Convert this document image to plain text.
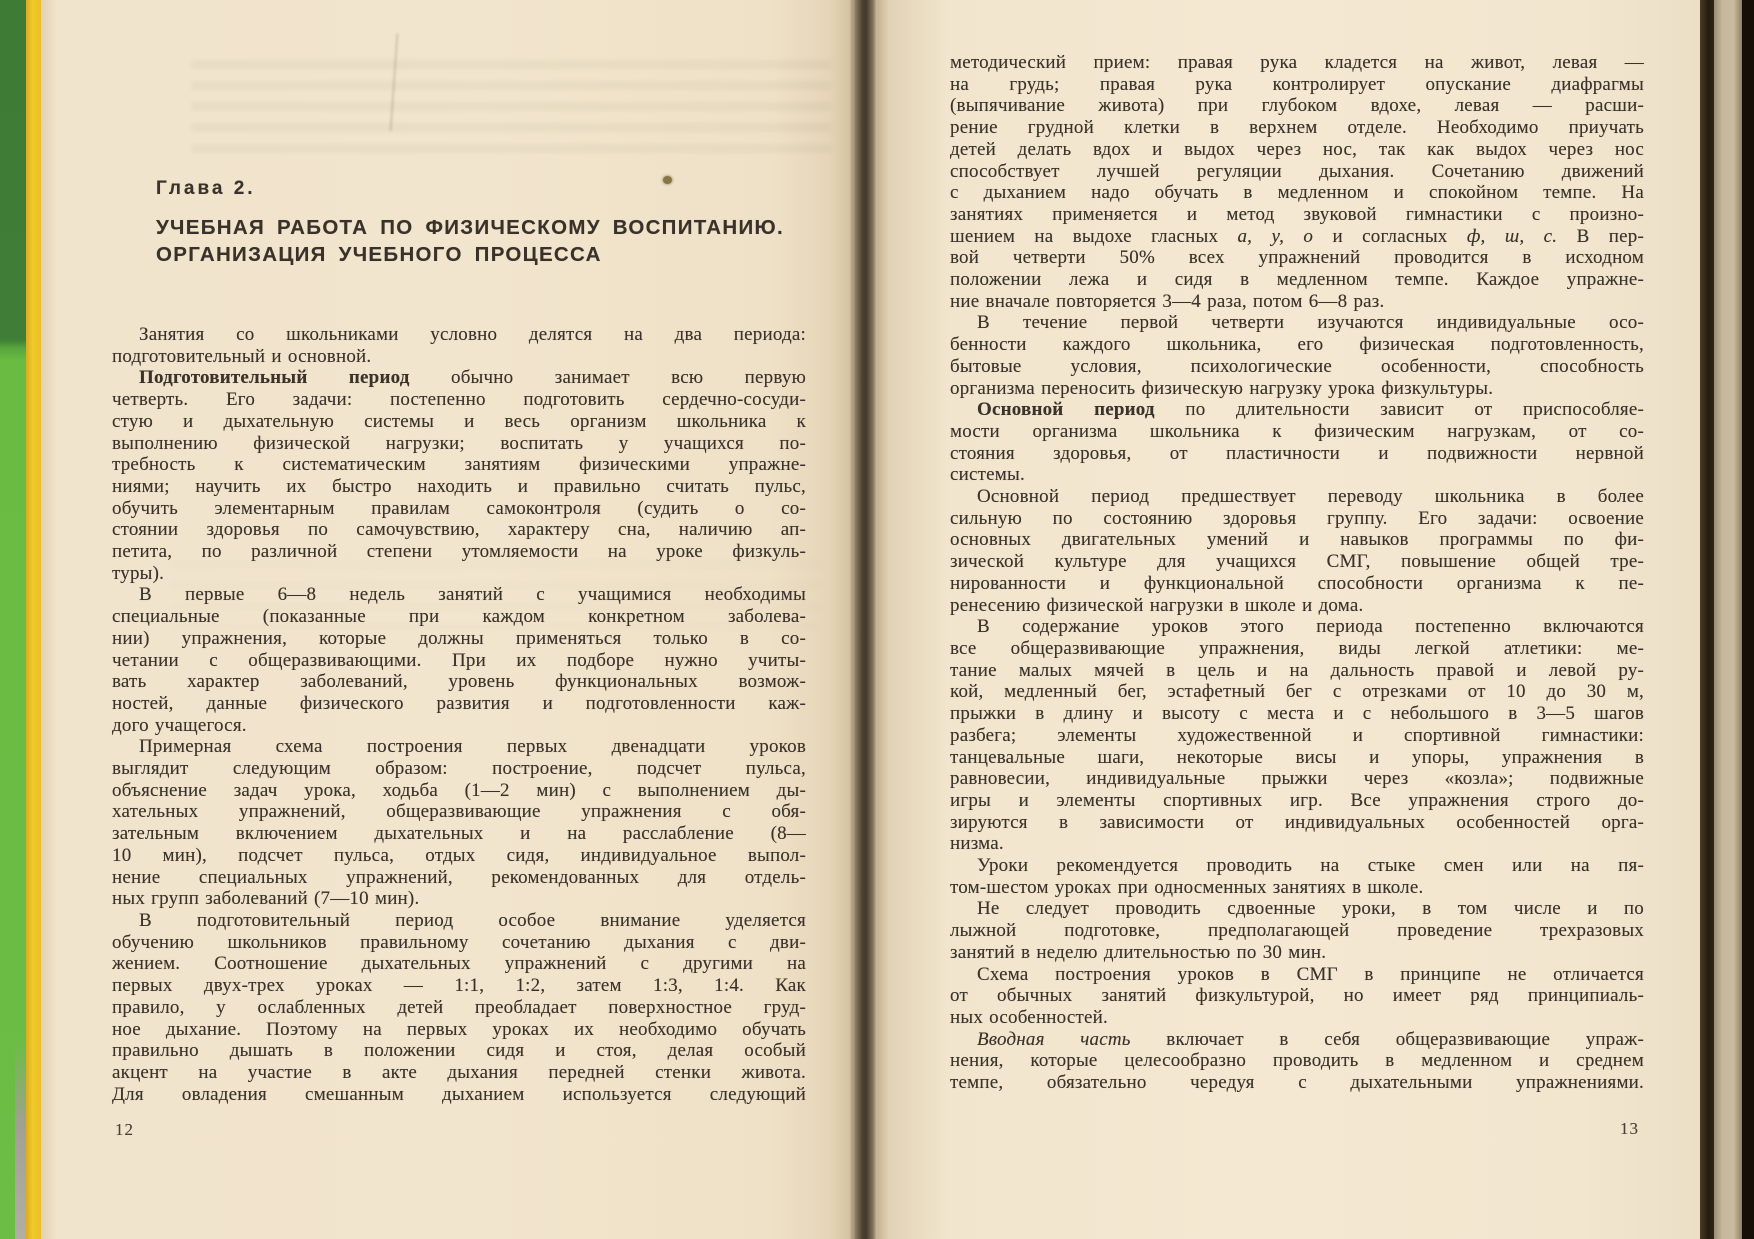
Глава 2.
УЧЕБНАЯ РАБОТА ПО ФИЗИЧЕСКОМУ ВОСПИТАНИЮ.
ОРГАНИЗАЦИЯ УЧЕБНОГО ПРОЦЕССА
Занятия со школьниками условно делятся на два периода:
подготовительный и основной.
Подготовительный период обычно занимает всю первую
четверть. Его задачи: постепенно подготовить сердечно-сосуди-
стую и дыхательную системы и весь организм школьника к
выполнению физической нагрузки; воспитать у учащихся по-
требность к систематическим занятиям физическими упражне-
ниями; научить их быстро находить и правильно считать пульс,
обучить элементарным правилам самоконтроля (судить о со-
стоянии здоровья по самочувствию, характеру сна, наличию ап-
петита, по различной степени утомляемости на уроке физкуль-
туры).
В первые 6—8 недель занятий с учащимися необходимы
специальные (показанные при каждом конкретном заболева-
нии) упражнения, которые должны применяться только в со-
четании с общеразвивающими. При их подборе нужно учиты-
вать характер заболеваний, уровень функциональных возмож-
ностей, данные физического развития и подготовленности каж-
дого учащегося.
Примерная схема построения первых двенадцати уроков
выглядит следующим образом: построение, подсчет пульса,
объяснение задач урока, ходьба (1—2 мин) с выполнением ды-
хательных упражнений, общеразвивающие упражнения с обя-
зательным включением дыхательных и на расслабление (8—
10 мин), подсчет пульса, отдых сидя, индивидуальное выпол-
нение специальных упражнений, рекомендованных для отдель-
ных групп заболеваний (7—10 мин).
В подготовительный период особое внимание уделяется
обучению школьников правильному сочетанию дыхания с дви-
жением. Соотношение дыхательных упражнений с другими на
первых двух-трех уроках — 1:1, 1:2, затем 1:3, 1:4. Как
правило, у ослабленных детей преобладает поверхностное груд-
ное дыхание. Поэтому на первых уроках их необходимо обучать
правильно дышать в положении сидя и стоя, делая особый
акцент на участие в акте дыхания передней стенки живота.
Для овладения смешанным дыханием используется следующий
12
методический прием: правая рука кладется на живот, левая —
на грудь; правая рука контролирует опускание диафрагмы
(выпячивание живота) при глубоком вдохе, левая — расши-
рение грудной клетки в верхнем отделе. Необходимо приучать
детей делать вдох и выдох через нос, так как выдох через нос
способствует лучшей регуляции дыхания. Сочетанию движений
с дыханием надо обучать в медленном и спокойном темпе. На
занятиях применяется и метод звуковой гимнастики с произно-
шением на выдохе гласных а, у, о и согласных ф, ш, с. В пер-
вой четверти 50% всех упражнений проводится в исходном
положении лежа и сидя в медленном темпе. Каждое упражне-
ние вначале повторяется 3—4 раза, потом 6—8 раз.
В течение первой четверти изучаются индивидуальные осо-
бенности каждого школьника, его физическая подготовленность,
бытовые условия, психологические особенности, способность
организма переносить физическую нагрузку урока физкультуры.
Основной период по длительности зависит от приспособляе-
мости организма школьника к физическим нагрузкам, от со-
стояния здоровья, от пластичности и подвижности нервной
системы.
Основной период предшествует переводу школьника в более
сильную по состоянию здоровья группу. Его задачи: освоение
основных двигательных умений и навыков программы по фи-
зической культуре для учащихся СМГ, повышение общей тре-
нированности и функциональной способности организма к пе-
ренесению физической нагрузки в школе и дома.
В содержание уроков этого периода постепенно включаются
все общеразвивающие упражнения, виды легкой атлетики: ме-
тание малых мячей в цель и на дальность правой и левой ру-
кой, медленный бег, эстафетный бег с отрезками от 10 до 30 м,
прыжки в длину и высоту с места и с небольшого в 3—5 шагов
разбега; элементы художественной и спортивной гимнастики:
танцевальные шаги, некоторые висы и упоры, упражнения в
равновесии, индивидуальные прыжки через «козла»; подвижные
игры и элементы спортивных игр. Все упражнения строго до-
зируются в зависимости от индивидуальных особенностей орга-
низма.
Уроки рекомендуется проводить на стыке смен или на пя-
том-шестом уроках при односменных занятиях в школе.
Не следует проводить сдвоенные уроки, в том числе и по
лыжной подготовке, предполагающей проведение трехразовых
занятий в неделю длительностью по 30 мин.
Схема построения уроков в СМГ в принципе не отличается
от обычных занятий физкультурой, но имеет ряд принципиаль-
ных особенностей.
Вводная часть включает в себя общеразвивающие упраж-
нения, которые целесообразно проводить в медленном и среднем
темпе, обязательно чередуя с дыхательными упражнениями.
13
